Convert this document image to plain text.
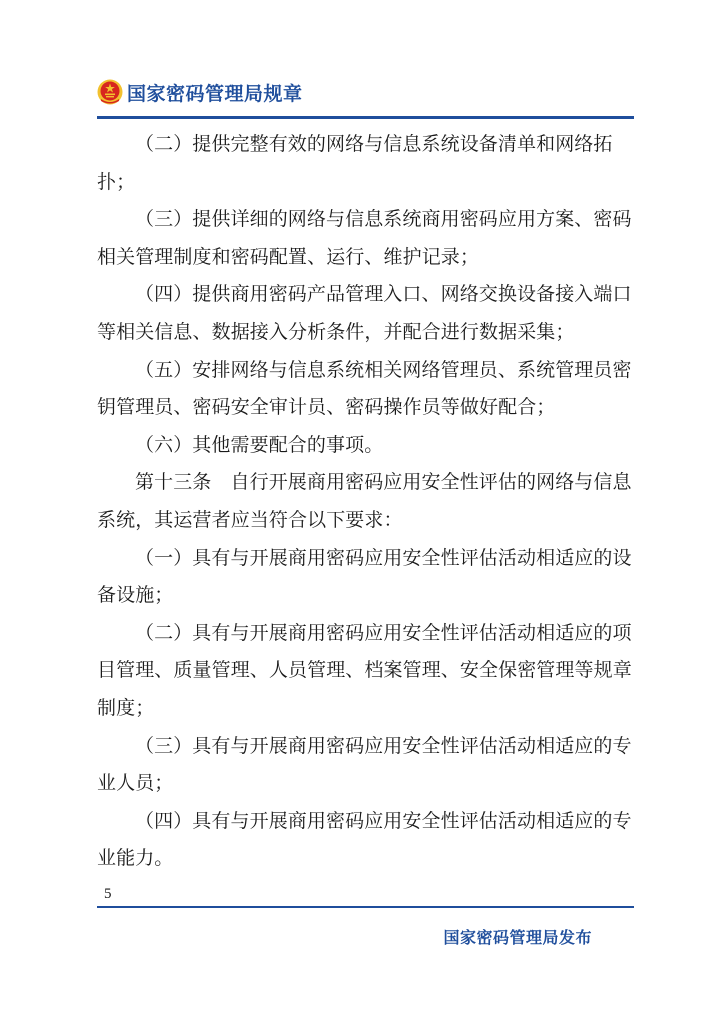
国家密码管理局规章

（二）提供完整有效的网络与信息系统设备清单和网络拓扑；

（三）提供详细的网络与信息系统商用密码应用方案、密码相关管理制度和密码配置、运行、维护记录；

（四）提供商用密码产品管理入口、网络交换设备接入端口等相关信息、数据接入分析条件，并配合进行数据采集；

（五）安排网络与信息系统相关网络管理员、系统管理员密钥管理员、密码安全审计员、密码操作员等做好配合；

（六）其他需要配合的事项。

第十三条　自行开展商用密码应用安全性评估的网络与信息系统，其运营者应当符合以下要求：

（一）具有与开展商用密码应用安全性评估活动相适应的设备设施；

（二）具有与开展商用密码应用安全性评估活动相适应的项目管理、质量管理、人员管理、档案管理、安全保密管理等规章制度；

（三）具有与开展商用密码应用安全性评估活动相适应的专业人员；

（四）具有与开展商用密码应用安全性评估活动相适应的专业能力。

5
国家密码管理局发布
